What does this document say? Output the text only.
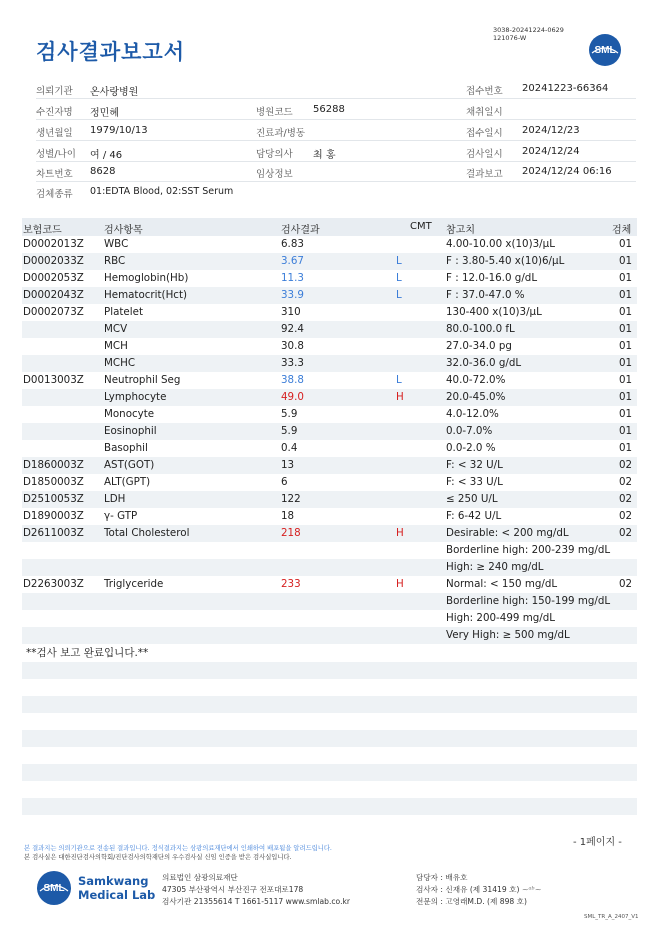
3038-20241224-0629
121076-W
검사결과보고서	SML
의뢰기관 온사랑병원	접수번호 20241223-66364
수진자명 정민혜	병원코드 56288	채취일시
생년월일 1979/10/13	진료과/병동	접수일시 2024/12/23
성별/나이 여 / 46	담당의사 최 홍	검사일시 2024/12/24
차트번호 8628	임상정보	결과보고 2024/12/24 06:16
검체종류 01:EDTA Blood, 02:SST Serum
보험코드	검사항목	검사결과	CMT 참고치	검체
D0002013Z WBC	6.83	4.00-10.00 x(10)3/μL	01
D0002033Z RBC	3.67	L	F : 3.80-5.40 x(10)6/μL	01
D0002053Z Hemoglobin(Hb)	11.3	L	F : 12.0-16.0 g/dL	01
D0002043Z Hematocrit(Hct)	33.9	L	F : 37.0-47.0 %	01
D0002073Z Platelet	310	130-400 x(10)3/μL	01
MCV	92.4	80.0-100.0 fL	01
MCH	30.8	27.0-34.0 pg	01
MCHC	33.3	32.0-36.0 g/dL	01
D0013003Z Neutrophil Seg	38.8	L	40.0-72.0%	01
Lymphocyte	49.0	H	20.0-45.0%	01
Monocyte	5.9	4.0-12.0%	01
Eosinophil	5.9	0.0-7.0%	01
Basophil	0.4	0.0-2.0 %	01
D1860003Z AST(GOT)	13	F: < 32 U/L	02
D1850003Z ALT(GPT)	6	F: < 33 U/L	02
D2510053Z LDH	122	≤ 250 U/L	02
D1890003Z γ- GTP	18	F: 6-42 U/L	02
D2611003Z Total Cholesterol	218	H	Desirable: < 200 mg/dL	02
Borderline high: 200-239 mg/dL
High: ≥ 240 mg/dL
D2263003Z Triglyceride	233	H	Normal: < 150 mg/dL	02
Borderline high: 150-199 mg/dL
High: 200-499 mg/dL
Very High: ≥ 500 mg/dL
**검사 보고 완료입니다.**
- 1페이지 -
본 결과지는 의뢰기관으로 전송된 결과입니다. 정식결과지는 삼광의료재단에서 인쇄하여 배포됨을 알려드립니다.
본 검사실은 대한진단검사의학회/진단검사의학재단의 우수검사실 신임 인증을 받은 검사실입니다.
SML
Samkwang
Medical Lab
의료법인 삼광의료재단
47305 부산광역시 부산진구 전포대로178
검사기관 21355614 T 1661-5117 www.smlab.co.kr
담당자 : 배유호
검사자 : 신재유 (제 31419 호) ~ᵃᵇ~
전문의 : 고영래M.D. (제 898 호)
SML_TR_A_2407_V1
